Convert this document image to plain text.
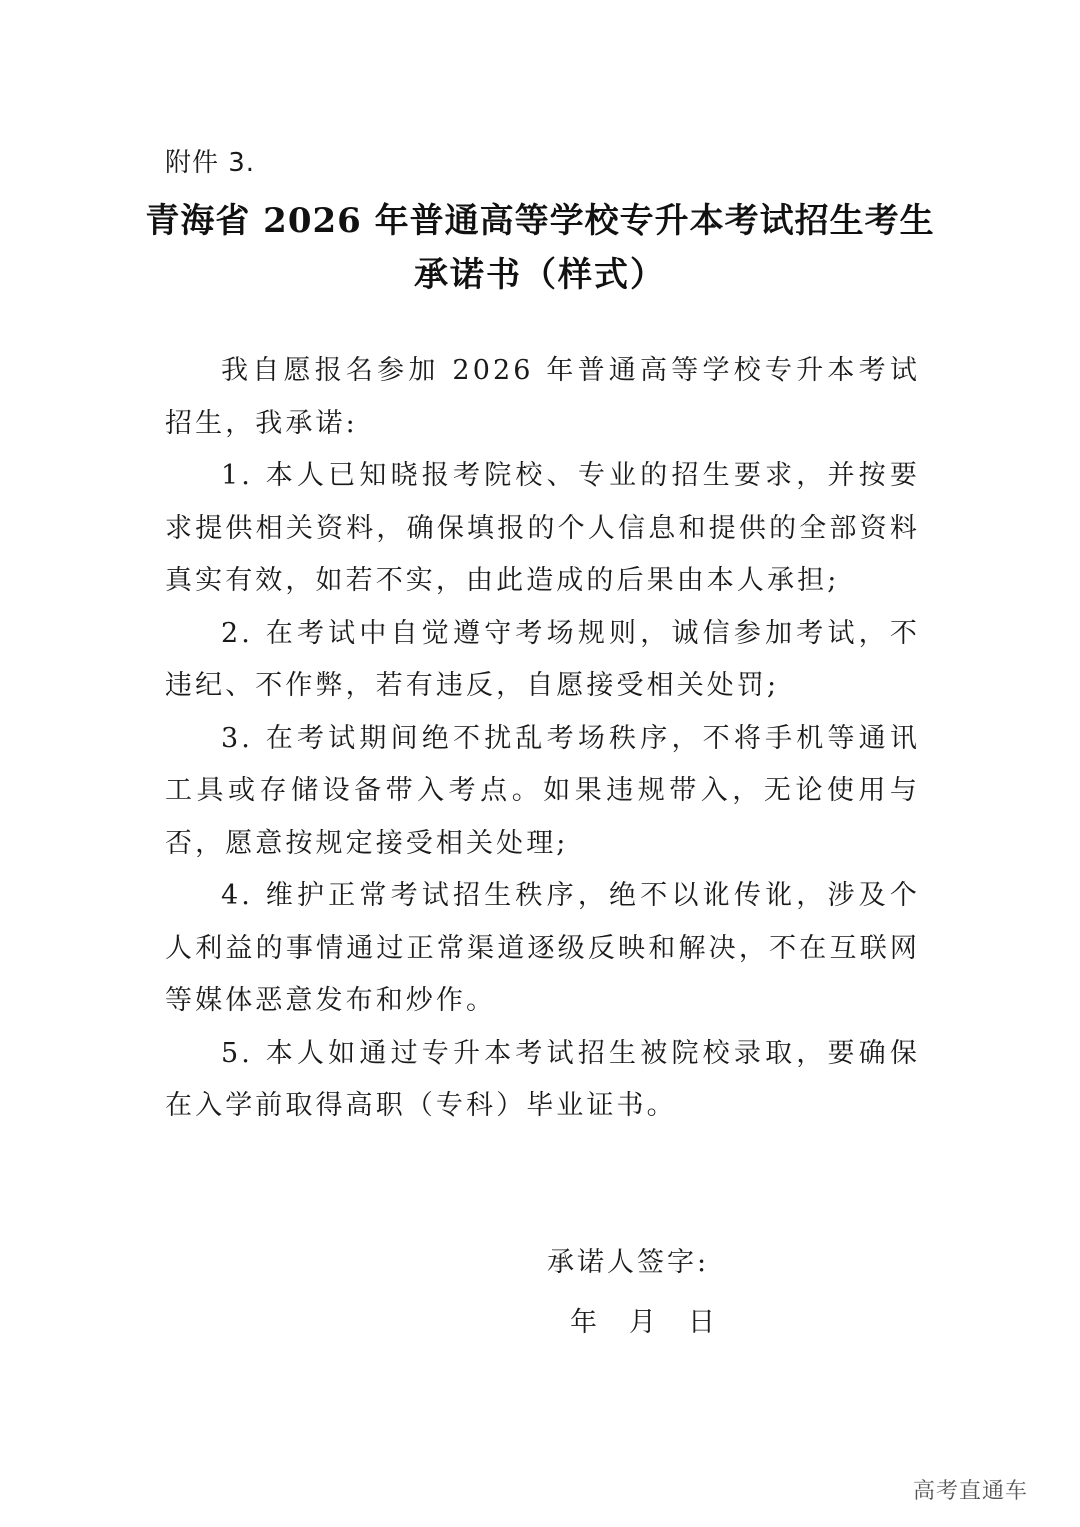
附件 3.
青海省 2026 年普通高等学校专升本考试招生考生
承诺书（样式）

我自愿报名参加 2026 年普通高等学校专升本考试招生，我承诺:

1. 本人已知晓报考院校、专业的招生要求，并按要求提供相关资料，确保填报的个人信息和提供的全部资料真实有效，如若不实，由此造成的后果由本人承担;

2. 在考试中自觉遵守考场规则，诚信参加考试，不违纪、不作弊，若有违反，自愿接受相关处罚;

3. 在考试期间绝不扰乱考场秩序，不将手机等通讯工具或存储设备带入考点。如果违规带入，无论使用与否，愿意按规定接受相关处理;

4. 维护正常考试招生秩序，绝不以讹传讹，涉及个人利益的事情通过正常渠道逐级反映和解决，不在互联网等媒体恶意发布和炒作。

5. 本人如通过专升本考试招生被院校录取，要确保在入学前取得高职（专科）毕业证书。

承诺人签字:
年 月 日
高考直通车
